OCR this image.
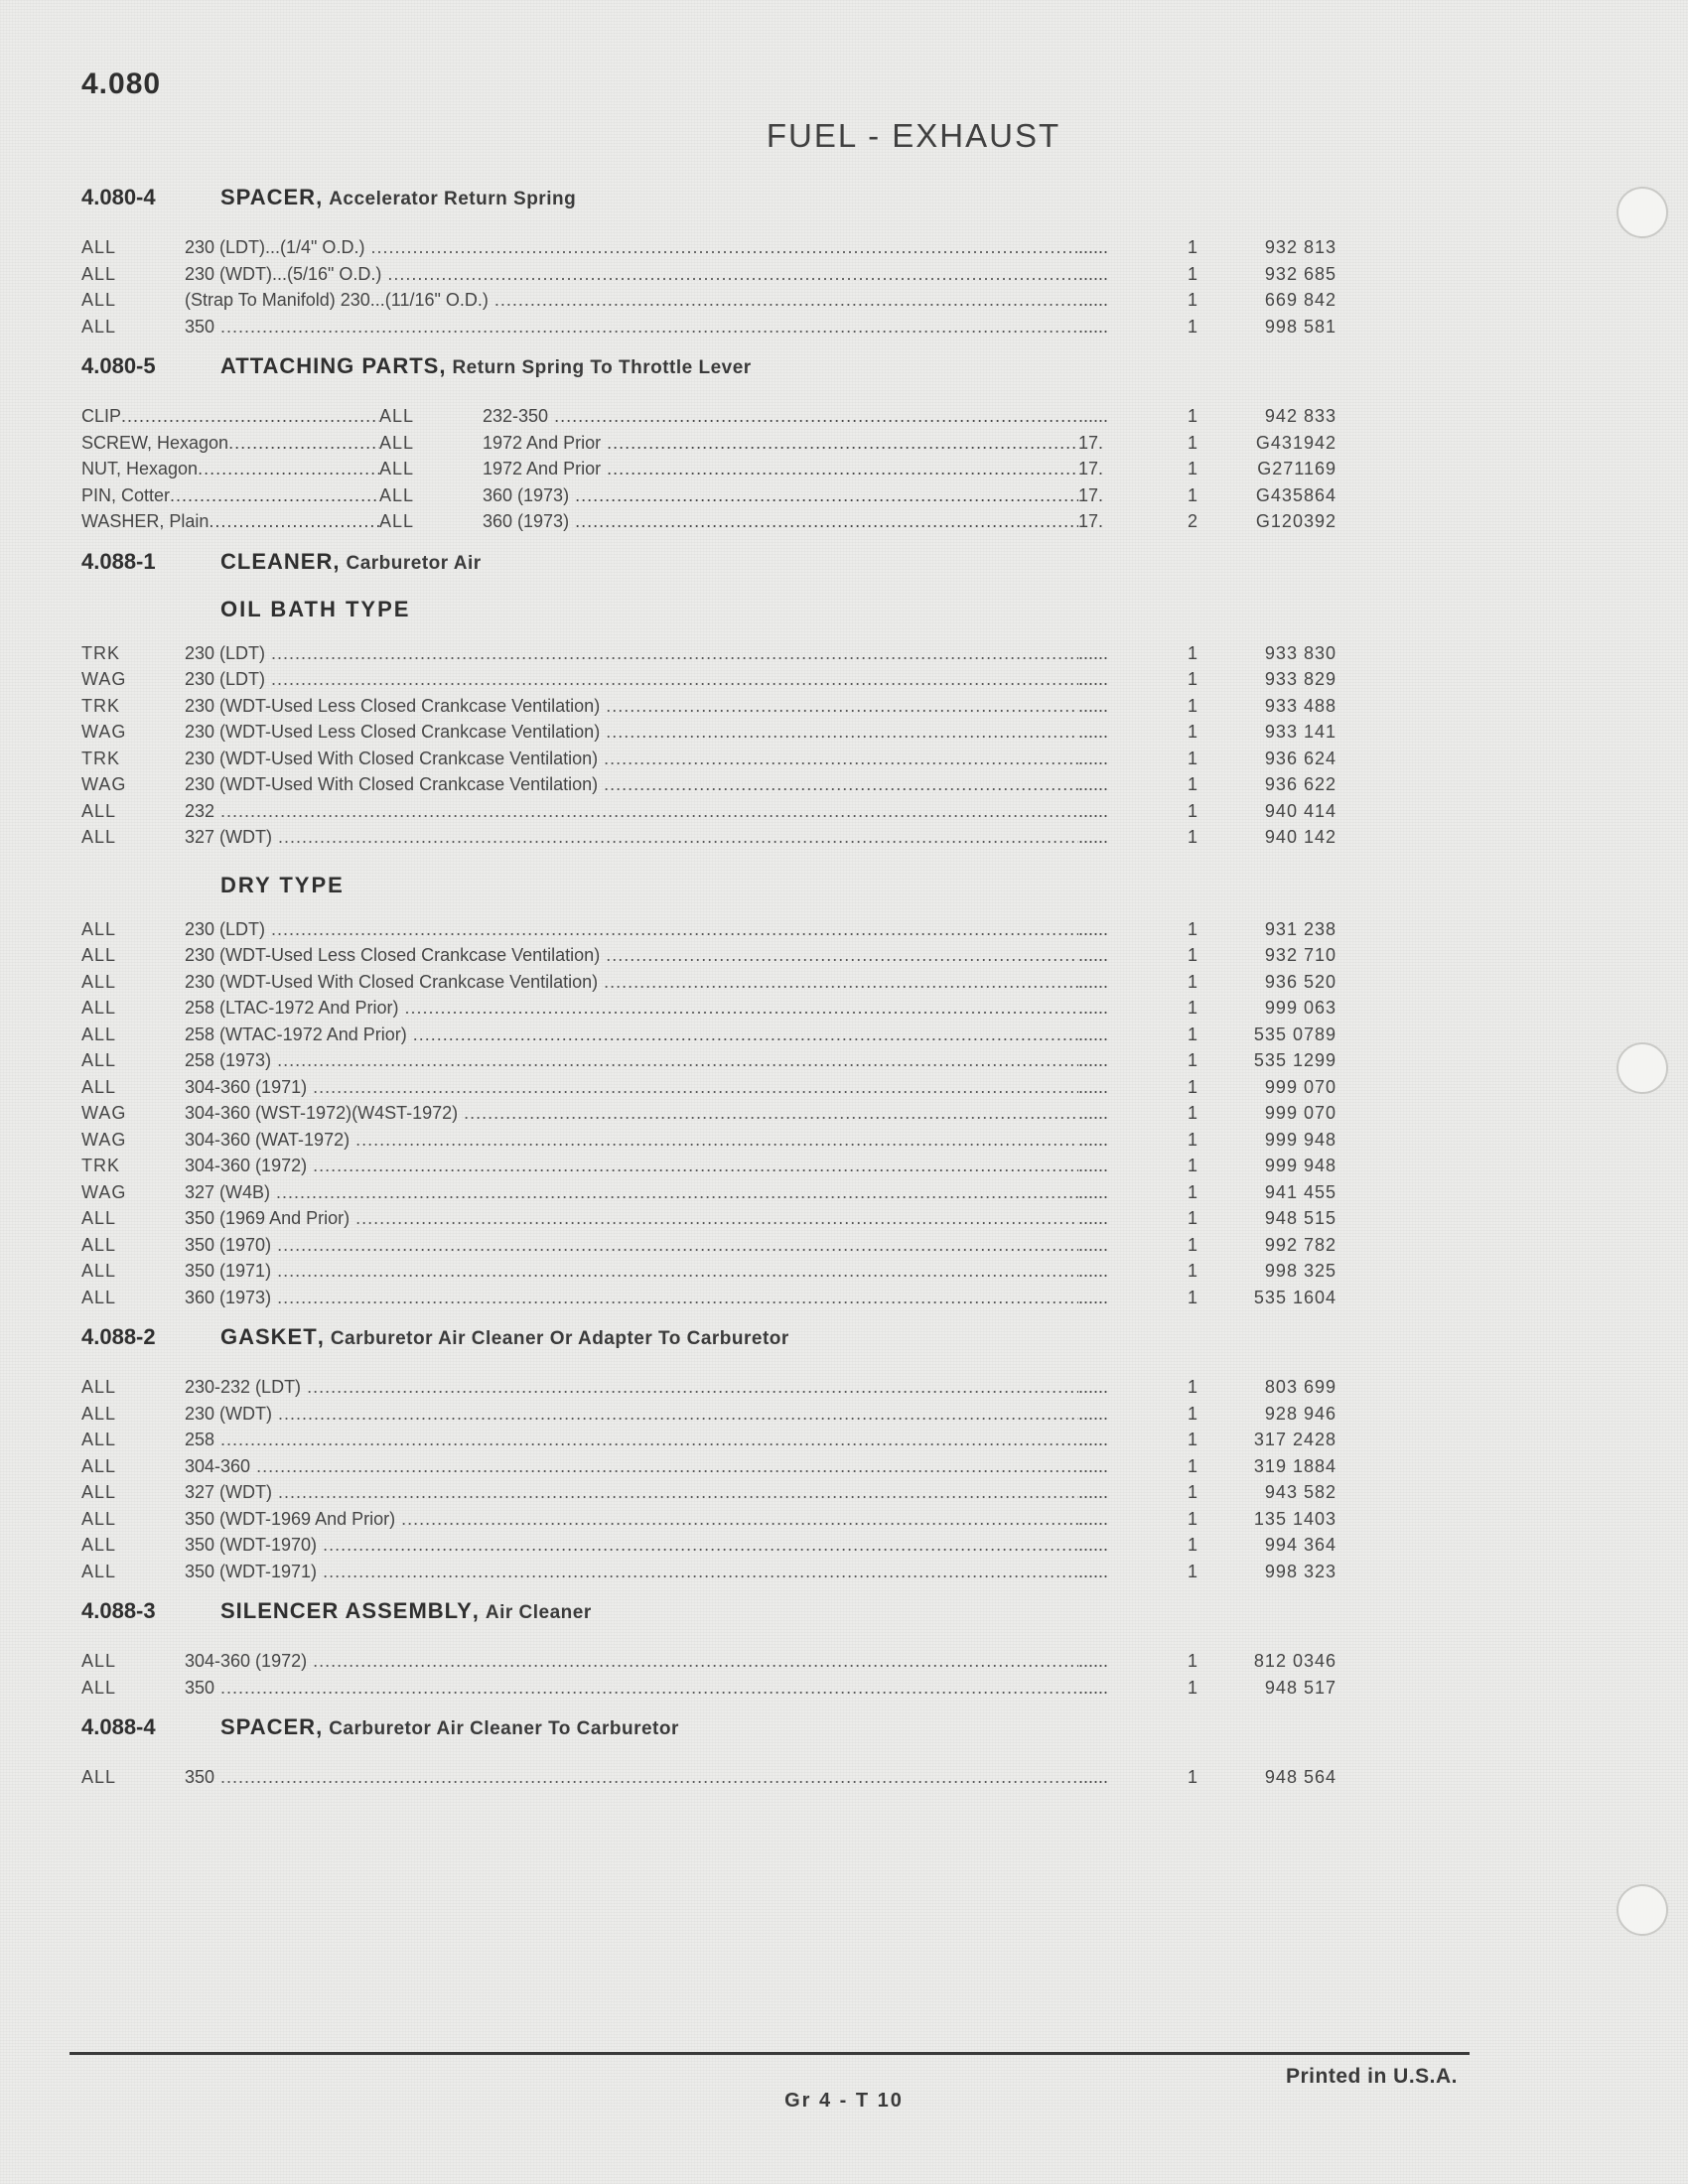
4.080
FUEL - EXHAUST
4.080-4	SPACER , Accelerator Return Spring
ALL	230 (LDT)...(1/4" O.D.) .....	......	1	932 813
ALL	230 (WDT)...(5/16" O.D.) .....	......	1	932 685
ALL	(Strap To Manifold) 230...(11/16" O.D.) .....	......	1	669 842
ALL	350 .....	......	1	998 581
4.080-5	ATTACHING PARTS , Return Spring To Throttle Lever
CLIP .....	ALL	232-350 .....	......	1	942 833
SCREW, Hexagon .....	ALL	1972 And Prior .....	17.	1	G431942
NUT, Hexagon .....	ALL	1972 And Prior .....	17.	1	G271169
PIN, Cotter .....	ALL	360 (1973) .....	17.	1	G435864
WASHER, Plain .....	ALL	360 (1973) .....	17.	2	G120392
4.088-1	CLEANER , Carburetor Air
OIL BATH TYPE
TRK	230 (LDT) .....	......	1	933 830
WAG	230 (LDT) .....	......	1	933 829
TRK	230 (WDT-Used Less Closed Crankcase Ventilation) .....	......	1	933 488
WAG	230 (WDT-Used Less Closed Crankcase Ventilation) .....	......	1	933 141
TRK	230 (WDT-Used With Closed Crankcase Ventilation) .....	......	1	936 624
WAG	230 (WDT-Used With Closed Crankcase Ventilation) .....	......	1	936 622
ALL	232 .....	......	1	940 414
ALL	327 (WDT) .....	......	1	940 142
DRY TYPE
ALL	230 (LDT) .....	......	1	931 238
ALL	230 (WDT-Used Less Closed Crankcase Ventilation) .....	......	1	932 710
ALL	230 (WDT-Used With Closed Crankcase Ventilation) .....	......	1	936 520
ALL	258 (LTAC-1972 And Prior) .....	......	1	999 063
ALL	258 (WTAC-1972 And Prior) .....	......	1	535 0789
ALL	258 (1973) .....	......	1	535 1299
ALL	304-360 (1971) .....	......	1	999 070
WAG	304-360 (WST-1972)(W4ST-1972) .....	......	1	999 070
WAG	304-360 (WAT-1972) .....	......	1	999 948
TRK	304-360 (1972) .....	......	1	999 948
WAG	327 (W4B) .....	......	1	941 455
ALL	350 (1969 And Prior) .....	......	1	948 515
ALL	350 (1970) .....	......	1	992 782
ALL	350 (1971) .....	......	1	998 325
ALL	360 (1973) .....	......	1	535 1604
4.088-2	GASKET , Carburetor Air Cleaner Or Adapter To Carburetor
ALL	230-232 (LDT) .....	......	1	803 699
ALL	230 (WDT) .....	......	1	928 946
ALL	258 .....	......	1	317 2428
ALL	304-360 .....	......	1	319 1884
ALL	327 (WDT) .....	......	1	943 582
ALL	350 (WDT-1969 And Prior) .....	......	1	135 1403
ALL	350 (WDT-1970) .....	......	1	994 364
ALL	350 (WDT-1971) .....	......	1	998 323
4.088-3	SILENCER ASSEMBLY , Air Cleaner
ALL	304-360 (1972) .....	......	1	812 0346
ALL	350 .....	......	1	948 517
4.088-4	SPACER , Carburetor Air Cleaner To Carburetor
ALL	350 .....	......	1	948 564
Printed in U.S.A.
Gr 4 - T 10
